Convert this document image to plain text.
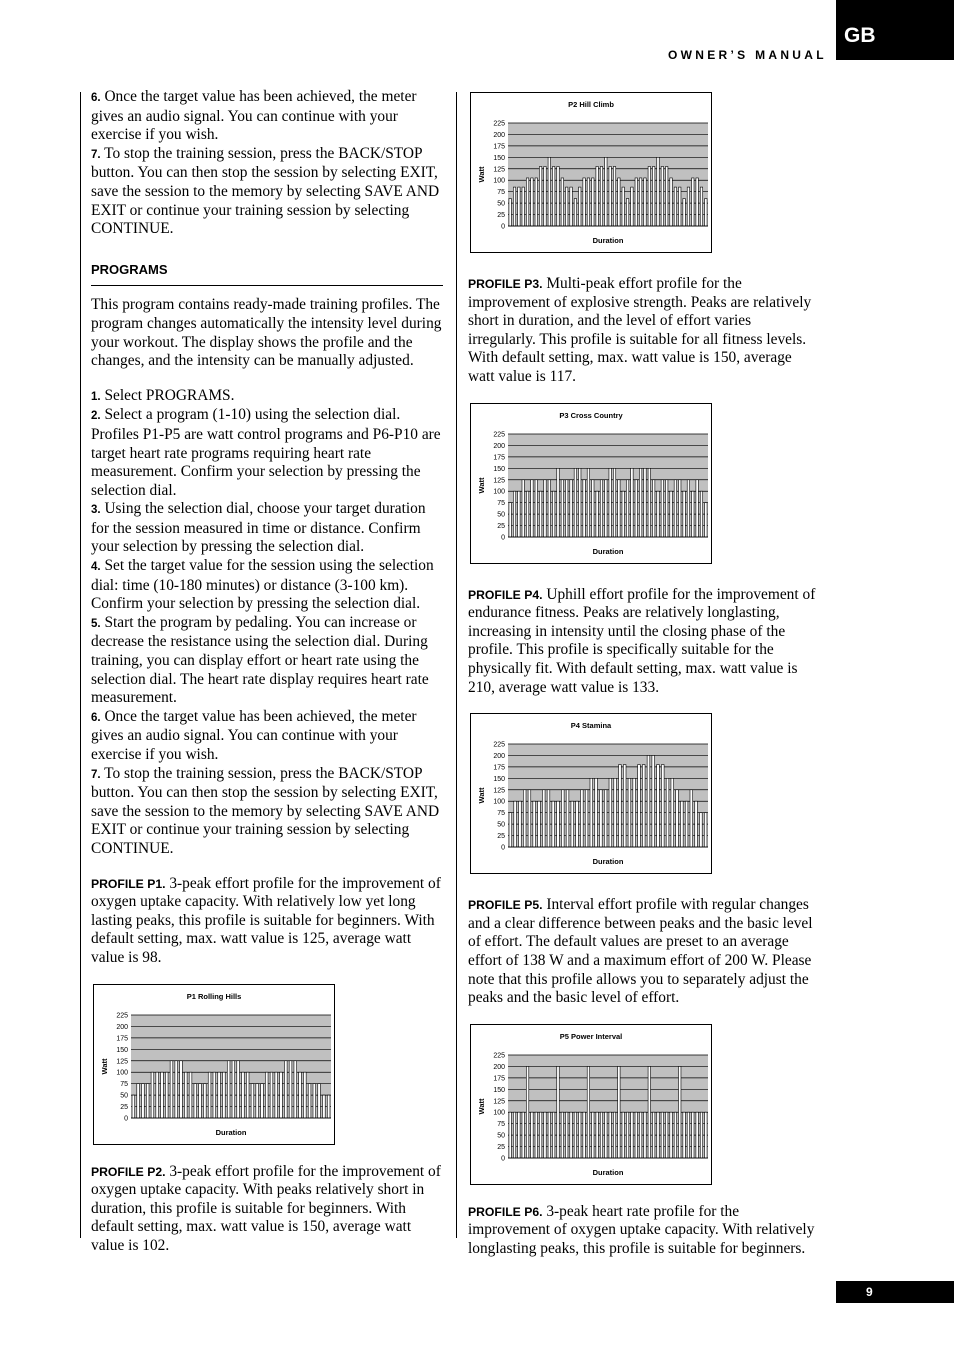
GB
OWNER’S MANUAL

6. Once the target value has been achieved, the meter gives an audio signal. You can continue with your exercise if you wish.

7. To stop the training session, press the BACK/STOP button. You can then stop the session by selecting EXIT, save the session to the memory by selecting SAVE AND EXIT or continue your training session by selecting CONTINUE.

PROGRAMS

This program contains ready-made training profiles. The program changes automatically the intensity level during your workout. The display shows the profile and the changes, and the intensity can be manually adjusted.

1. Select PROGRAMS.

2. Select a program (1-10) using the selection dial. Profiles P1-P5 are watt control programs and P6-P10 are target heart rate programs requiring heart rate measurement. Confirm your selection by pressing the selection dial.

3. Using the selection dial, choose your target duration for the session measured in time or distance. Confirm your selection by pressing the selection dial.

4. Set the target value for the session using the selection dial: time (10-180 minutes) or distance (3-100 km). Confirm your selection by pressing the selection dial.

5. Start the program by pedaling. You can increase or decrease the resistance using the selection dial. During training, you can display effort or heart rate using the selection dial. The heart rate display requires heart rate measurement.

6. Once the target value has been achieved, the meter gives an audio signal. You can continue with your exercise if you wish.

7. To stop the training session, press the BACK/STOP button. You can then stop the session by selecting EXIT, save the session to the memory by selecting SAVE AND EXIT or continue your training session by selecting CONTINUE.

PROFILE P1. 3-peak effort profile for the improvement of oxygen uptake capacity. With relatively low yet long lasting peaks, this profile is suitable for beginners. With default setting, max. watt value is 125, average watt value is 98.

0
25
50
75
100
125
150
175
200
225
P1 Rolling Hills
Duration
Watt

PROFILE P2. 3-peak effort profile for the improvement of oxygen uptake capacity. With peaks relatively short in duration, this profile is suitable for beginners. With default setting, max. watt value is 150, average watt value is 102.

0
25
50
75
100
125
150
175
200
225
P2 Hill Climb
Duration
Watt

PROFILE P3. Multi-peak effort profile for the improvement of explosive strength. Peaks are relatively short in duration, and the level of effort varies irregularly. This profile is suitable for all fitness levels. With default setting, max. watt value is 150, average watt value is 117.

0
25
50
75
100
125
150
175
200
225
P3 Cross Country
Duration
Watt

PROFILE P4. Uphill effort profile for the improvement of endurance fitness. Peaks are relatively longlasting, increasing in intensity until the closing phase of the profile. This profile is specifically suitable for the physically fit. With default setting, max. watt value is 210, average watt value is 133.

0
25
50
75
100
125
150
175
200
225
P4 Stamina
Duration
Watt

PROFILE P5. Interval effort profile with regular changes and a clear difference between peaks and the basic level of effort. The default values are preset to an average effort of 138 W and a maximum effort of 200 W. Please note that this profile allows you to separately adjust the peaks and the basic level of effort.

0
25
50
75
100
125
150
175
200
225
P5 Power Interval
Duration
Watt

PROFILE P6. 3-peak heart rate profile for the improvement of oxygen uptake capacity. With relatively longlasting peaks, this profile is suitable for beginners.

9
